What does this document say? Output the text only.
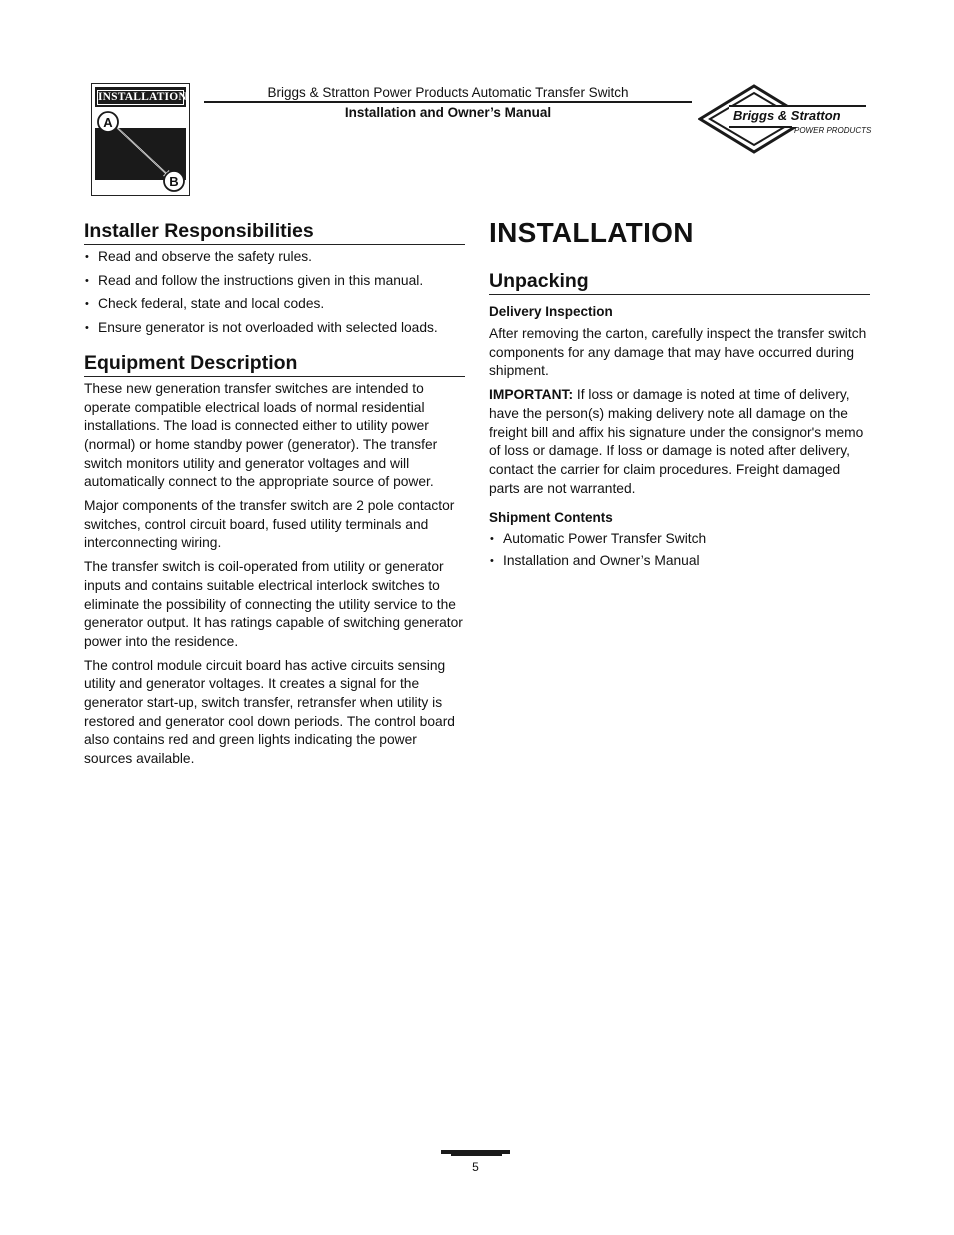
INSTALLATION
A
B
Briggs & Stratton Power Products Automatic Transfer Switch
Installation and Owner’s Manual	Briggs & Stratton
POWER PRODUCTS
Installer Responsibilities
• Read and observe the safety rules.
• Read and follow the instructions given in this manual.
• Check federal, state and local codes.
• Ensure generator is not overloaded with selected loads.
Equipment Description

These new generation transfer switches are intended to operate compatible electrical loads of normal residential installations. The load is connected either to utility power (normal) or home standby power (generator). The transfer switch monitors utility and generator voltages and will automatically connect to the appropriate source of power.

Major components of the transfer switch are 2 pole contactor switches, control circuit board, fused utility terminals and interconnecting wiring.

The transfer switch is coil-operated from utility or generator inputs and contains suitable electrical interlock switches to eliminate the possibility of connecting the utility service to the generator output. It has ratings capable of switching generator power into the residence.

The control module circuit board has active circuits sensing utility and generator voltages. It creates a signal for the generator start-up, switch transfer, retransfer when utility is restored and generator cool down periods. The control board also contains red and green lights indicating the power sources available.

INSTALLATION
Unpacking
Delivery Inspection

After removing the carton, carefully inspect the transfer switch components for any damage that may have occurred during shipment.

IMPORTANT: If loss or damage is noted at time of delivery, have the person(s) making delivery note all damage on the freight bill and affix his signature under the consignor's memo of loss or damage. If loss or damage is noted after delivery, contact the carrier for claim procedures. Freight damaged parts are not warranted.

Shipment Contents
• Automatic Power Transfer Switch
• Installation and Owner’s Manual
5
